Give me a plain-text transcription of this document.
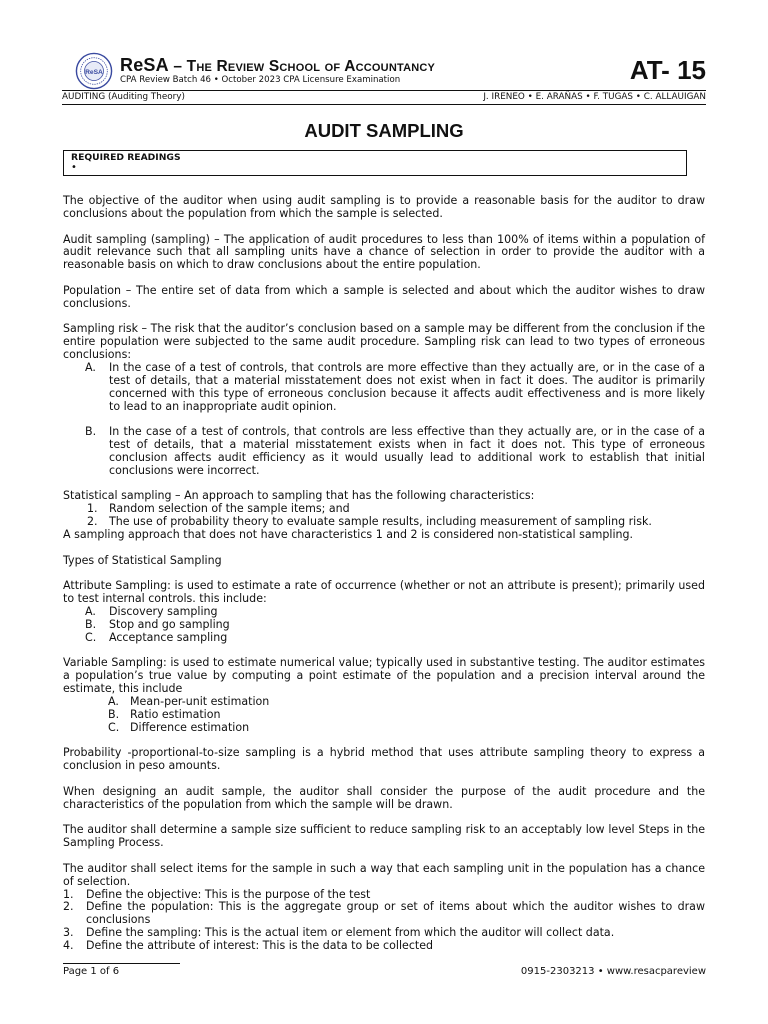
ReSA ReSA – The Review School of Accountancy
CPA Review Batch 46 • October 2023 CPA Licensure Examination	AT- 15
AUDITING (Auditing Theory)	J. IRENEO • E. ARAÑAS • F. TUGAS • C. ALLAUIGAN
AUDIT SAMPLING
REQUIRED READINGS
•

The objective of the auditor when using audit sampling is to provide a reasonable basis for the auditor to draw conclusions about the population from which the sample is selected.

Audit sampling (sampling) – The application of audit procedures to less than 100% of items within a population of audit relevance such that all sampling units have a chance of selection in order to provide the auditor with a reasonable basis on which to draw conclusions about the entire population.

Population – The entire set of data from which a sample is selected and about which the auditor wishes to draw conclusions.

Sampling risk – The risk that the auditor’s conclusion based on a sample may be different from the conclusion if the entire population were subjected to the same audit procedure. Sampling risk can lead to two types of erroneous conclusions:

A. In the case of a test of controls, that controls are more effective than they actually are, or in the case of a test of details, that a material misstatement does not exist when in fact it does. The auditor is primarily concerned with this type of erroneous conclusion because it affects audit effectiveness and is more likely to lead to an inappropriate audit opinion.
B. In the case of a test of controls, that controls are less effective than they actually are, or in the case of a test of details, that a material misstatement exists when in fact it does not. This type of erroneous conclusion affects audit efficiency as it would usually lead to additional work to establish that initial conclusions were incorrect.

Statistical sampling – An approach to sampling that has the following characteristics:

1. Random selection of the sample items; and
2. The use of probability theory to evaluate sample results, including measurement of sampling risk.

A sampling approach that does not have characteristics 1 and 2 is considered non-statistical sampling.

Types of Statistical Sampling

Attribute Sampling: is used to estimate a rate of occurrence (whether or not an attribute is present); primarily used to test internal controls. this include:

A. Discovery sampling
B. Stop and go sampling
C. Acceptance sampling

Variable Sampling: is used to estimate numerical value; typically used in substantive testing. The auditor estimates a population’s true value by computing a point estimate of the population and a precision interval around the estimate, this include

A. Mean-per-unit estimation
B. Ratio estimation
C. Difference estimation

Probability -proportional-to-size sampling is a hybrid method that uses attribute sampling theory to express a conclusion in peso amounts.

When designing an audit sample, the auditor shall consider the purpose of the audit procedure and the characteristics of the population from which the sample will be drawn.

The auditor shall determine a sample size sufficient to reduce sampling risk to an acceptably low level Steps in the Sampling Process.

The auditor shall select items for the sample in such a way that each sampling unit in the population has a chance of selection.

1. Define the objective: This is the purpose of the test
2. Define the population: This is the aggregate group or set of items about which the auditor wishes to draw conclusions
3. Define the sampling: This is the actual item or element from which the auditor will collect data.
4. Define the attribute of interest: This is the data to be collected
Page 1 of 6	0915-2303213 • www.resacpareview
